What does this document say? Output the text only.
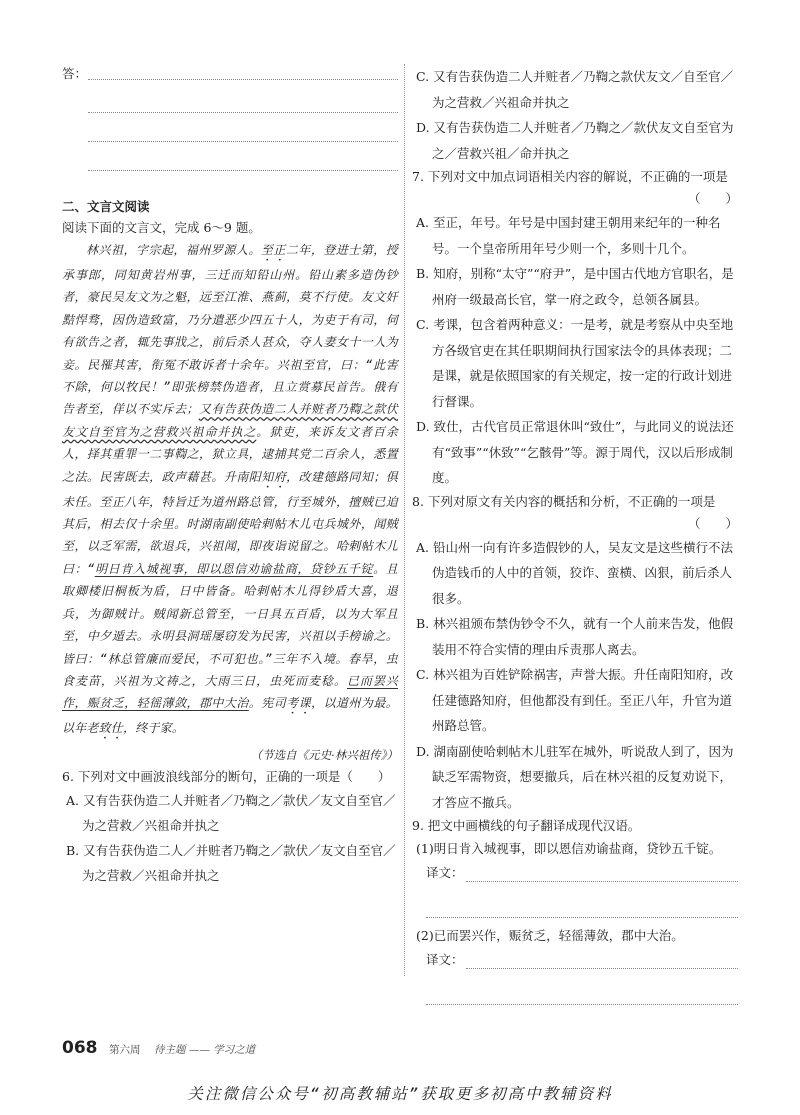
答：
二、文言文阅读
阅读下面的文言文，完成 6～9 题。

林兴祖，字宗起，福州罗源人。至正二年，登进士第，授承事郎，同知黄岩州事，三迁而知铅山州。铅山素多造伪钞者，豪民吴友文为之魁，远至江淮、燕蓟，莫不行使。友文奸黠悍骛，因伪造致富，乃分遣恶少四五十人，为吏于有司，伺有欲告之者，辄先事戕之，前后杀人甚众，夺人妻女十一人为妾。民罹其害，衔冤不敢诉者十余年。兴祖至官，曰：“此害不除，何以牧民！”即张榜禁伪造者，且立赏募民首告。俄有告者至，佯以不实斥去；又有告获伪造二人并赃者乃鞫之款伏友文自至官为之营救兴祖命并执之。狱吏，来诉友文者百余人，择其重罪一二事鞫之，狱立具，逮捕其党二百余人，悉置之法。民害既去，政声藉甚。升南阳知府，改建德路同知；俱未任。至正八年，特旨迁为道州路总管，行至城外，擅贼已迫其后，相去仅十余里。时湖南副使哈剌帖木儿屯兵城外，闻贼至，以乏军需，欲退兵，兴祖闻，即夜诣说留之。哈剌帖木儿曰：“明日肯入城视事，即以恩信劝谕盐商，贷钞五千锭。且取卿楼旧桐板为盾，日中皆备。哈剌帖木儿得钞盾大喜，退兵，为御贼计。贼闻新总管至，一日具五百盾，以为大军且至，中夕遁去。永明县洞瑶屡窃发为民害，兴祖以手榜谕之。皆曰：“林总管廉而爱民，不可犯也。”三年不入境。春旱，虫食麦苗，兴祖为文祷之，大雨三日，虫死而麦稔。已而罢兴作，赈贫乏，轻徭薄敛，郡中大治。宪司考课，以道州为最。以年老致仕，终于家。

（节选自《元史·林兴祖传》）
6. 下列对文中画波浪线部分的断句，正确的一项是（　　）
A. 又有告获伪造二人并赃者／乃鞫之／款伏／友文自至官／为之营救／兴祖命并执之
B. 又有告获伪造二人／并赃者乃鞫之／款伏／友文自至官／为之营救／兴祖命并执之
C. 又有告获伪造二人并赃者／乃鞫之款伏友文／自至官／为之营救／兴祖命并执之
D. 又有告获伪造二人并赃者／乃鞫之／款伏友文自至官为之／营救兴祖／命并执之
7. 下列对文中加点词语相关内容的解说，不正确的一项是
（　　）
A. 至正，年号。年号是中国封建王朝用来纪年的一种名号。一个皇帝所用年号少则一个，多则十几个。
B. 知府，别称“太守”“府尹”，是中国古代地方官职名，是州府一级最高长官，掌一府之政令，总领各属县。
C. 考课，包含着两种意义：一是考，就是考察从中央至地方各级官吏在其任职期间执行国家法令的具体表现；二是课，就是依照国家的有关规定，按一定的行政计划进行督课。
D. 致仕，古代官员正常退休叫“致仕”，与此同义的说法还有“致事”“休致”“乞骸骨”等。源于周代，汉以后形成制度。
8. 下列对原文有关内容的概括和分析，不正确的一项是
（　　）
A. 铅山州一向有许多造假钞的人，吴友文是这些横行不法伪造钱币的人中的首领，狡诈、蛮横、凶狠，前后杀人很多。
B. 林兴祖颁布禁伪钞令不久，就有一个人前来告发，他假装用不符合实情的理由斥责那人离去。
C. 林兴祖为百姓铲除祸害，声誉大振。升任南阳知府，改任建德路知府，但他都没有到任。至正八年，升官为道州路总管。
D. 湖南副使哈剌帖木儿驻军在城外，听说敌人到了，因为缺乏军需物资，想要撤兵，后在林兴祖的反复劝说下，才答应不撤兵。
9. 把文中画横线的句子翻译成现代汉语。
(1)明日肯入城视事，即以恩信劝谕盐商，贷钞五千锭。
译文：
(2)已而罢兴作，赈贫乏，轻徭薄敛，郡中大治。
译文：
068 第六周 待主题 —— 学习之道
关注微信公众号“初高教辅站”获取更多初高中教辅资料
